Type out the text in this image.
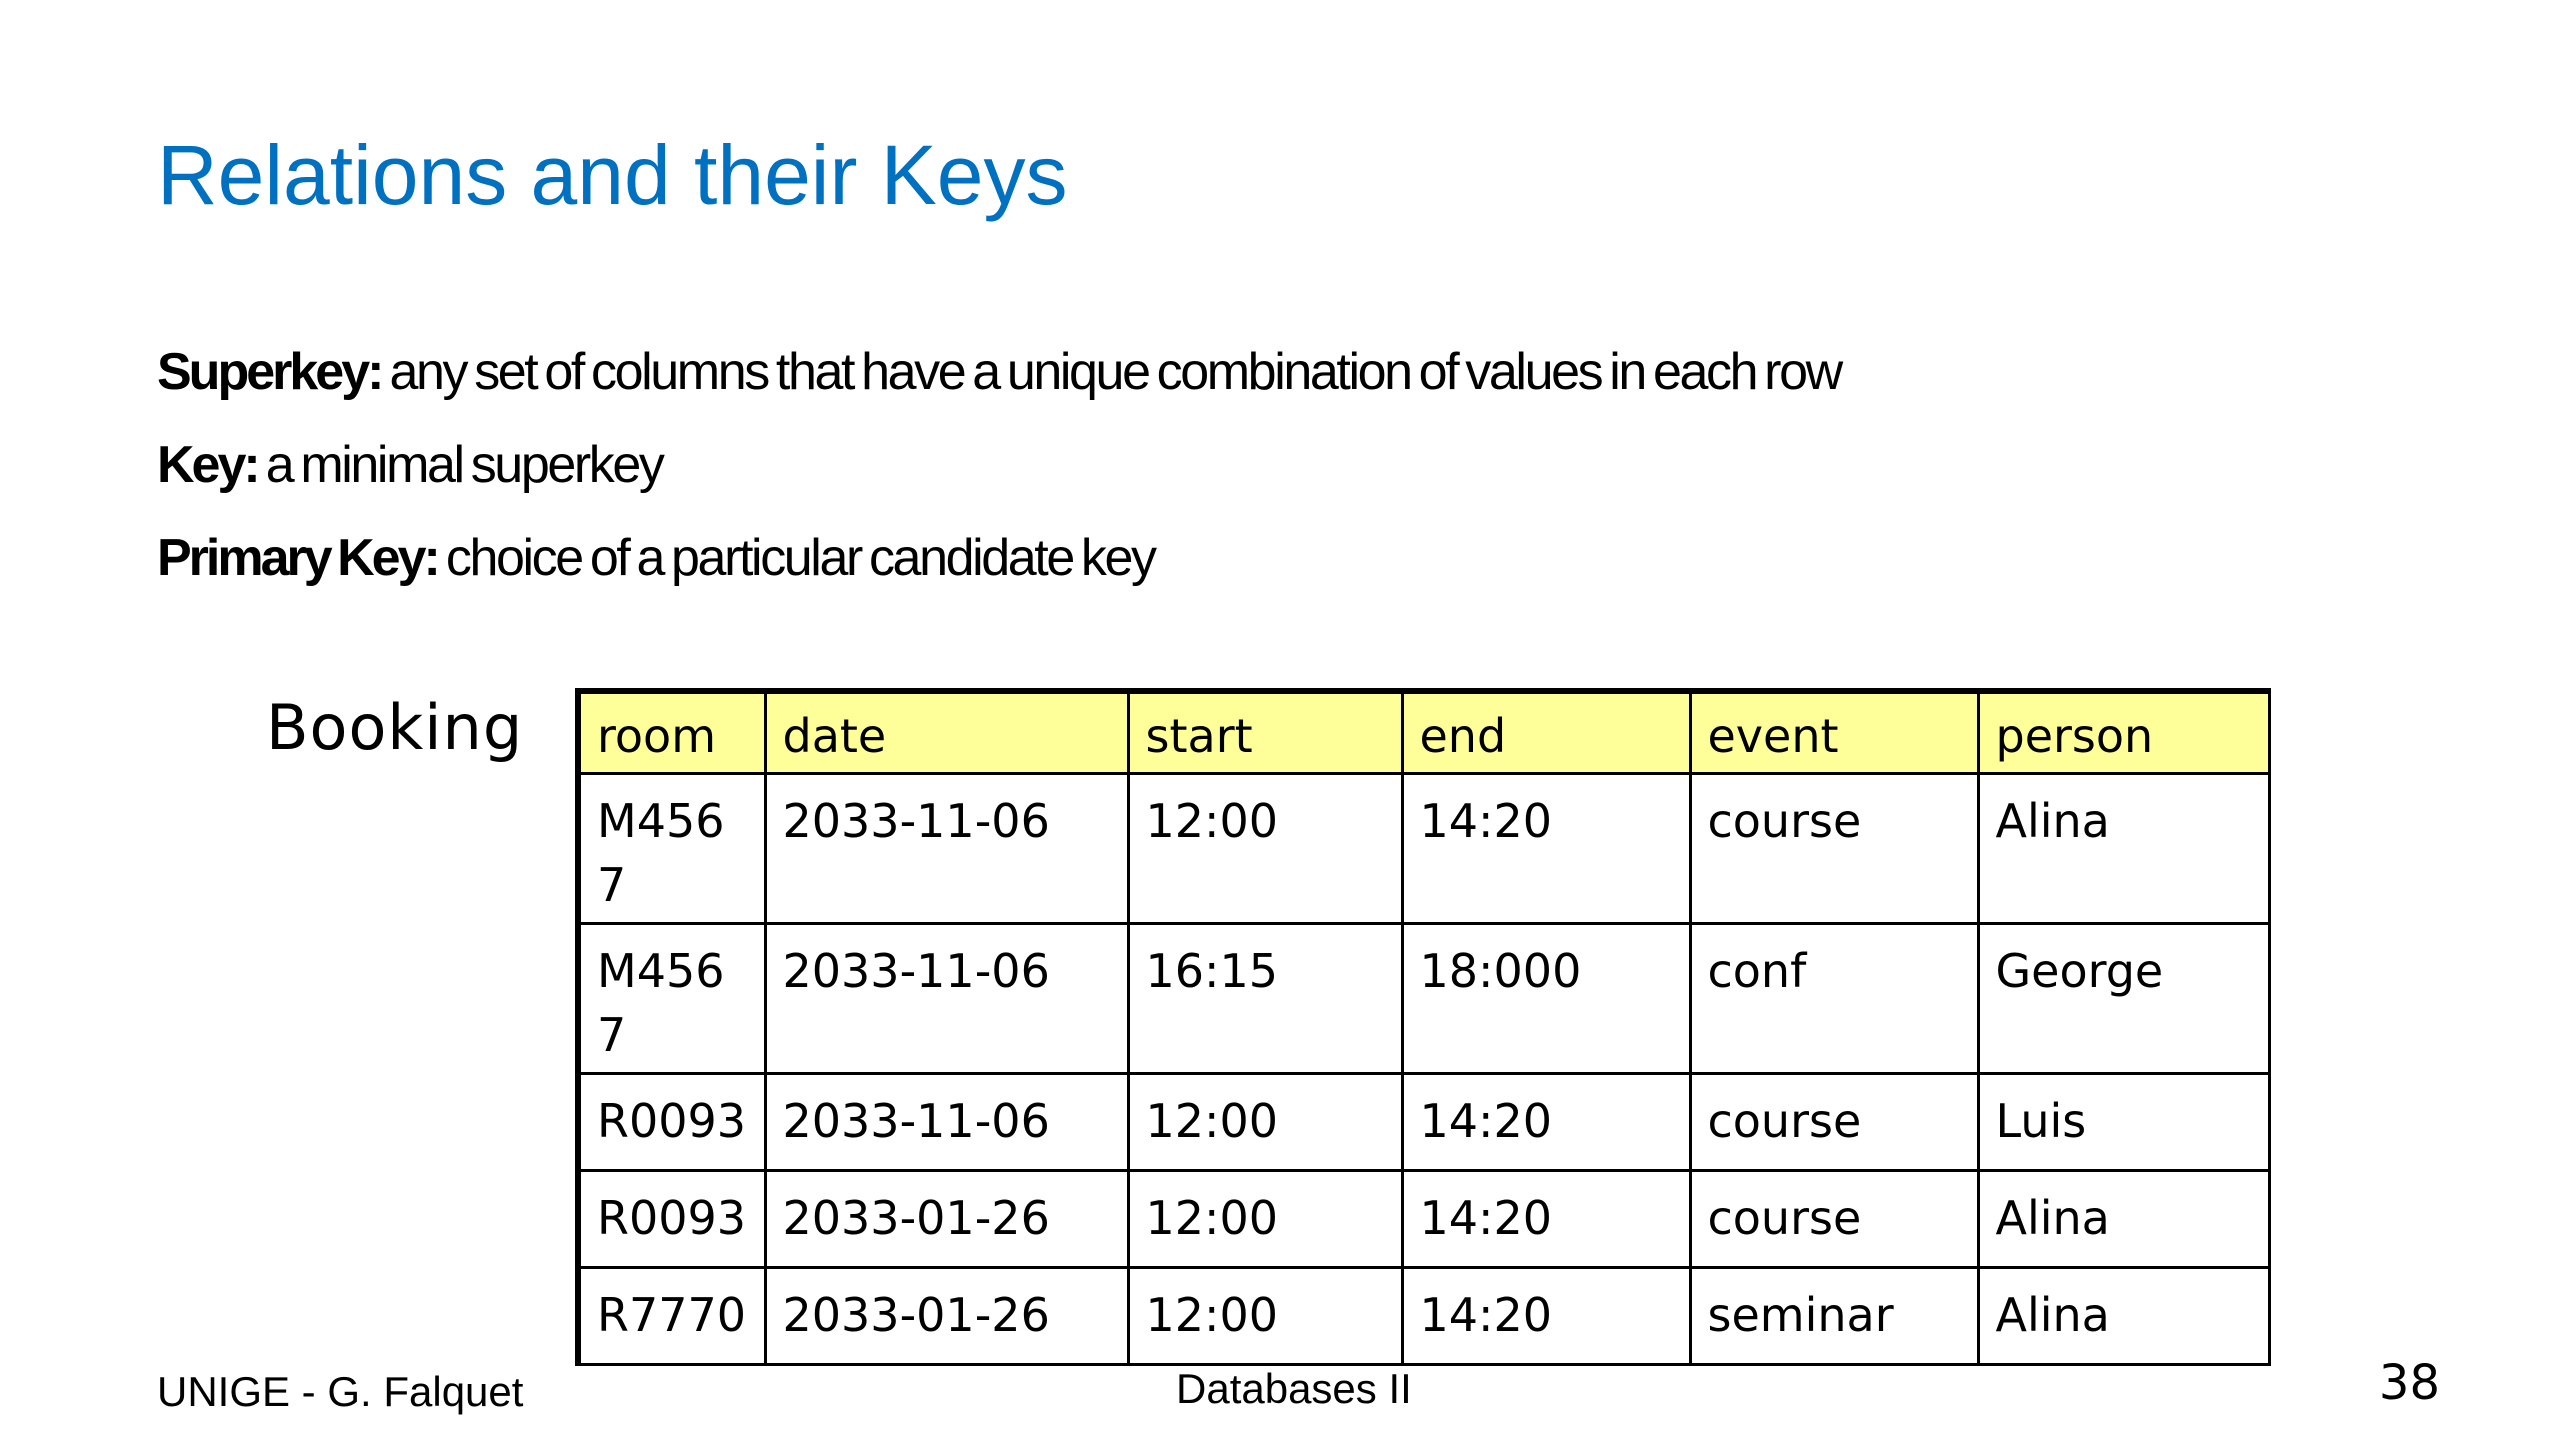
Relations and their Keys
Superkey: any set of columns that have a unique combination of values in each row
Key: a minimal superkey
Primary Key: choice of a particular candidate key
Booking room	date	start	end	event	person
M4567	2033-11-06	12:00	14:20	course	Alina
M4567	2033-11-06	16:15	18:000	conf	George
R0093	2033-11-06	12:00	14:20	course	Luis
R0093	2033-01-26	12:00	14:20	course	Alina
R7770	2033-01-26	12:00	14:20	seminar	Alina
UNIGE - G. Falquet	Databases II	38
